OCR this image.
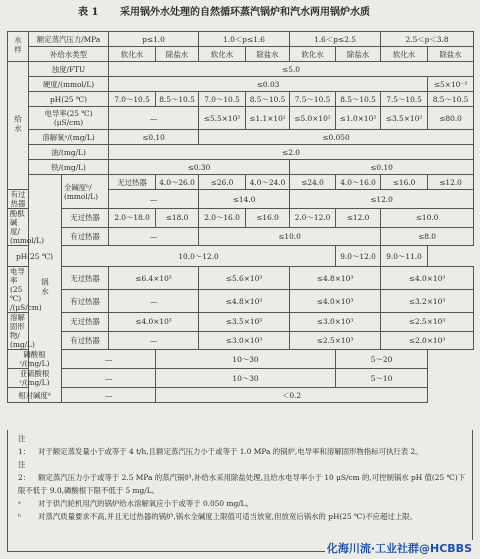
表 1 采用锅外水处理的自然循环蒸汽锅炉和汽水两用锅炉水质
水样	额定蒸汽压力/MPa		p≤1.0		1.0＜p≤1.6		1.6＜p≤2.5		2.5＜p＜3.8	
	补给水类型		软化水	除盐水	软化水	除盐水	软化水	除盐水	软化水	除盐水
给水	浊度/FTU		≤5.0							
	硬度/(mmol/L)		≤0.03							≤5×10⁻³
	pH(25 ℃)		7.0～10.5	8.5～10.5	7.0～10.5	8.5～10.5	7.5～10.5	8.5～10.5	7.5～10.5	8.5～10.5
	电导率(25 ℃)
(μS/cm)		—		≤5.5×10²	≤1.1×10²	≤5.0×10²	≤1.0×10²	≤3.5×10²	≤80.0
	溶解氧ᵃ/(mg/L)		≤0.10		≤0.050					
	油/(mg/L)		≤2.0							
	铁/(mg/L)		≤0.30				≤0.10			
	锅水	全碱度ᵇ/
(mmol/L)	无过热器	4.0～26.0	≤26.0	4.0～24.0	≤24.0	4.0～16.0	≤16.0	≤12.0
有过热器			—		≤14.0		≤12.0			
酚酞碱度/
(mmol/L)		无过热器	2.0～18.0	≤18.0	2.0～16.0	≤16.0	2.0～12.0	≤12.0	≤10.0	
		有过热器	—		≤10.0				≤8.0	
pH(25 ℃)		10.0～12.0						9.0～12.0	9.0～11.0	
电导率(25 ℃)
/(μS/cm)		无过热器	≤6.4×10³		≤5.6×10³		≤4.8×10³		≤4.0×10³	
		有过热器	—		≤4.8×10³		≤4.0×10³		≤3.2×10³	
溶解固形物/
(mg/L)		无过热器	≤4.0×10³		≤3.5×10³		≤3.0×10³		≤2.5×10³	
		有过热器	—		≤3.0×10³		≤2.5×10³		≤2.0×10³	
磷酸根ᶜ/(mg/L)		—		10～30				5～20		
亚硫酸根ᶜ/(mg/L)		—		10～30				5～10		
相对碱度ᵈ		—		＜0.2						

注 1： 对于额定蒸发量小于或等于 4 t/h,且额定蒸汽压力小于或等于 1.0 MPa 的锅炉,电导率和溶解固形物指标可执行表 2。

注 2： 额定蒸汽压力小于或等于 2.5 MPa 的蒸汽锅炉,补给水采用除盐处理,且给水电导率小于 10 μS/cm 的,可控制锅水 pH 值(25 ℃)下限不低于 9.0,磷酸根下限不低于 5 mg/L。

ᵃ 对于供汽轮机用汽的锅炉给水溶解氧应小于或等于 0.050 mg/L。

ᵇ 对蒸汽质量要求不高,并且无过热器的锅炉,锅水全碱度上限值可适当放宽,但放宽后锅水的 pH(25 ℃)不应超过上限。

化海川流·工业社群@HCBBS
